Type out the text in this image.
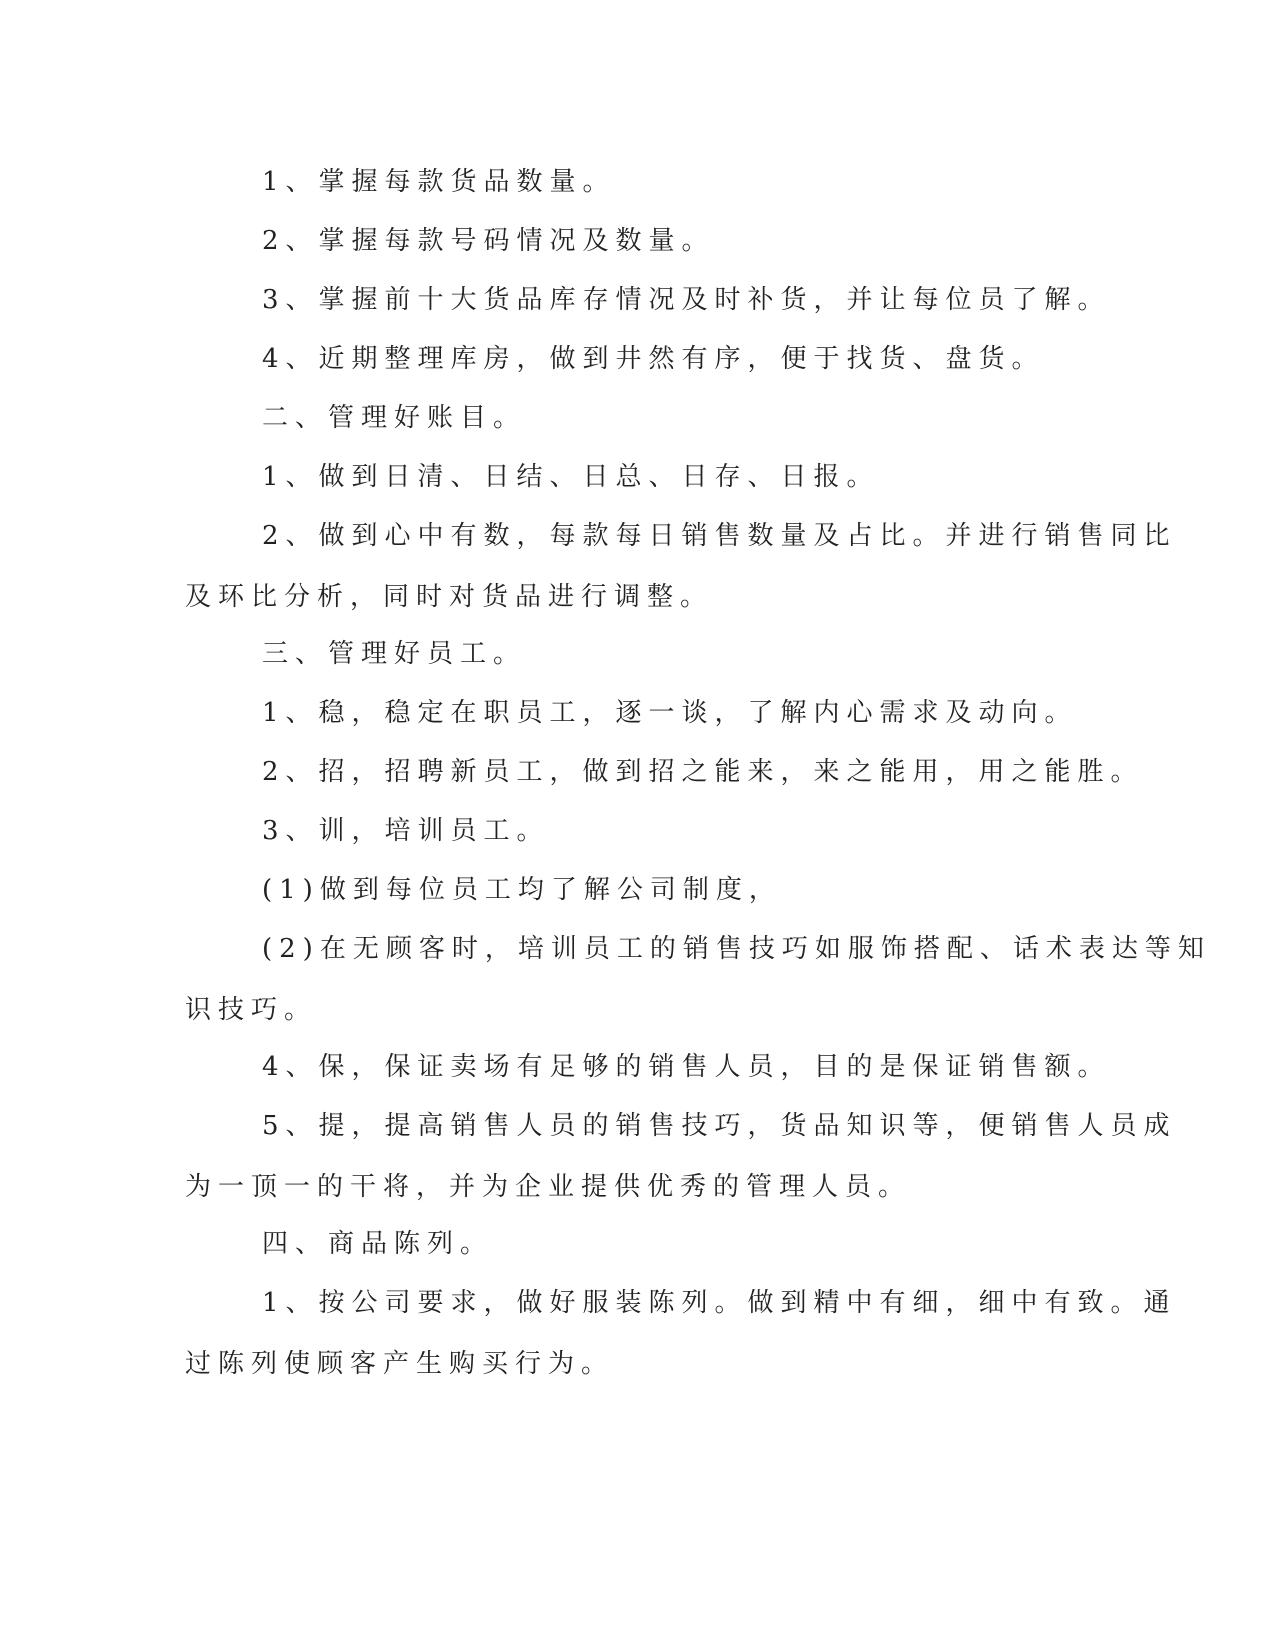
1、掌握每款货品数量。

2、掌握每款号码情况及数量。

3、掌握前十大货品库存情况及时补货，并让每位员了解。

4、近期整理库房，做到井然有序，便于找货、盘货。

二、管理好账目。

1、做到日清、日结、日总、日存、日报。

2、做到心中有数，每款每日销售数量及占比。并进行销售同比
及环比分析，同时对货品进行调整。

三、管理好员工。

1、稳，稳定在职员工，逐一谈，了解内心需求及动向。

2、招，招聘新员工，做到招之能来，来之能用，用之能胜。

3、训，培训员工。

(1)做到每位员工均了解公司制度，

(2)在无顾客时，培训员工的销售技巧如服饰搭配、话术表达等知
识技巧。

4、保，保证卖场有足够的销售人员，目的是保证销售额。

5、提，提高销售人员的销售技巧，货品知识等，便销售人员成
为一顶一的干将，并为企业提供优秀的管理人员。

四、商品陈列。

1、按公司要求，做好服装陈列。做到精中有细，细中有致。通
过陈列使顾客产生购买行为。
